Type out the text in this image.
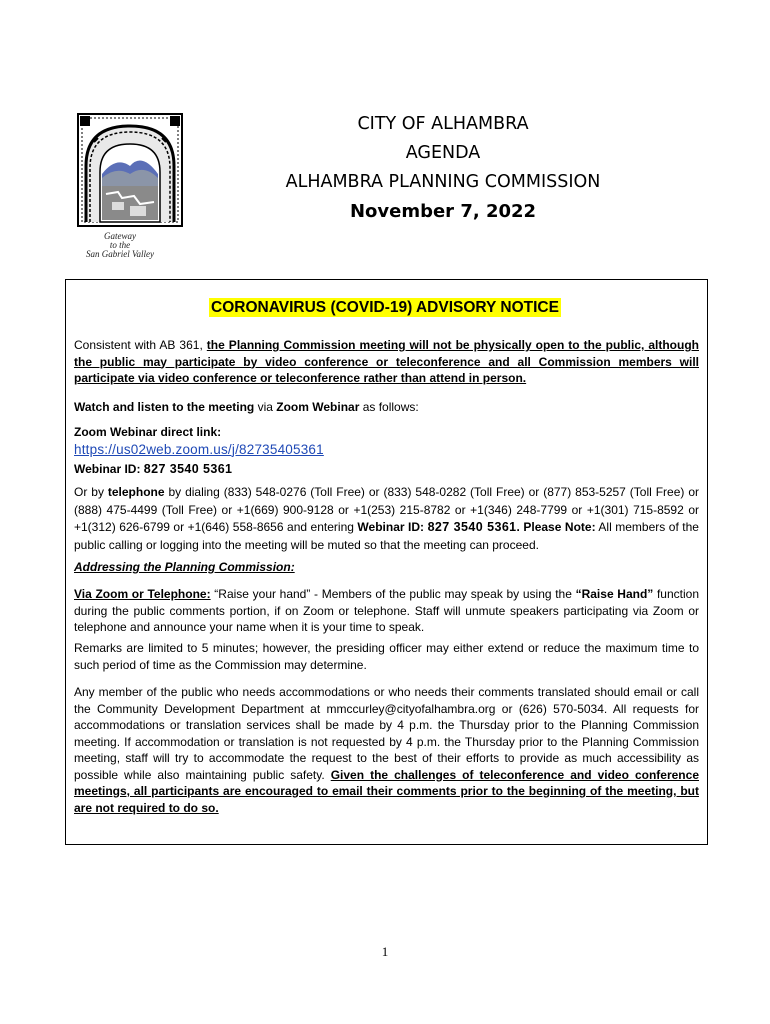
Gateway
to the
San Gabriel Valley
CITY OF ALHAMBRA
AGENDA
ALHAMBRA PLANNING COMMISSION
November 7, 2022
CORONAVIRUS (COVID-19) ADVISORY NOTICE
Consistent with AB 361, the Planning Commission meeting will not be physically open to the public, although the public may participate by video conference or teleconference and all Commission members will participate via video conference or teleconference rather than attend in person.
Watch and listen to the meeting via Zoom Webinar as follows:
Zoom Webinar direct link:
https://us02web.zoom.us/j/82735405361
Webinar ID: 827 3540 5361
Or by telephone by dialing (833) 548-0276 (Toll Free) or (833) 548-0282 (Toll Free) or (877) 853-5257 (Toll Free) or (888) 475-4499 (Toll Free) or +1(669) 900-9128 or +1(253) 215-8782 or +1(346) 248-7799 or +1(301) 715-8592 or +1(312) 626-6799 or +1(646) 558-8656 and entering Webinar ID: 827 3540 5361. Please Note: All members of the public calling or logging into the meeting will be muted so that the meeting can proceed.
Addressing the Planning Commission:
Via Zoom or Telephone: “Raise your hand” - Members of the public may speak by using the “Raise Hand” function during the public comments portion, if on Zoom or telephone. Staff will unmute speakers participating via Zoom or telephone and announce your name when it is your time to speak.
Remarks are limited to 5 minutes; however, the presiding officer may either extend or reduce the maximum time to such period of time as the Commission may determine.
Any member of the public who needs accommodations or who needs their comments translated should email or call the Community Development Department at mmccurley@cityofalhambra.org or (626) 570-5034. All requests for accommodations or translation services shall be made by 4 p.m. the Thursday prior to the Planning Commission meeting. If accommodation or translation is not requested by 4 p.m. the Thursday prior to the Planning Commission meeting, staff will try to accommodate the request to the best of their efforts to provide as much accessibility as possible while also maintaining public safety. Given the challenges of teleconference and video conference meetings, all participants are encouraged to email their comments prior to the beginning of the meeting, but are not required to do so.
1
